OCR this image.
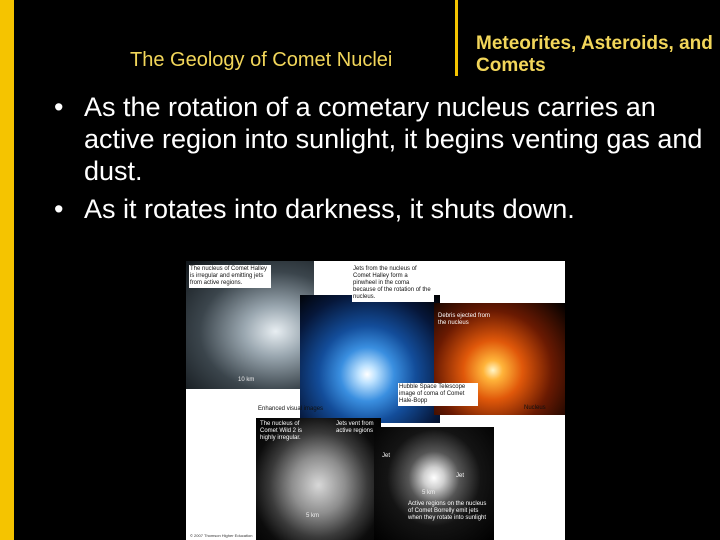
The Geology of Comet Nuclei
Meteorites, Asteroids, and Comets
• As the rotation of a cometary nucleus carries an active region into sunlight, it begins venting gas and dust.
• As it rotates into darkness, it shuts down.
The nucleus of Comet Halley is irregular and emitting jets from active regions.
10 km
Jets from the nucleus of Comet Halley form a pinwheel in the coma because of the rotation of the nucleus.
Debris ejected from the nucleus
Hubble Space Telescope image of coma of Comet Hale-Bopp
Nucleus
Enhanced visual images
The nucleus of Comet Wild 2 is highly irregular.
Jets vent from active regions
5 km
Jet
Jet
5 km
Active regions on the nucleus of Comet Borrelly emit jets when they rotate into sunlight
© 2007 Thomson Higher Education
